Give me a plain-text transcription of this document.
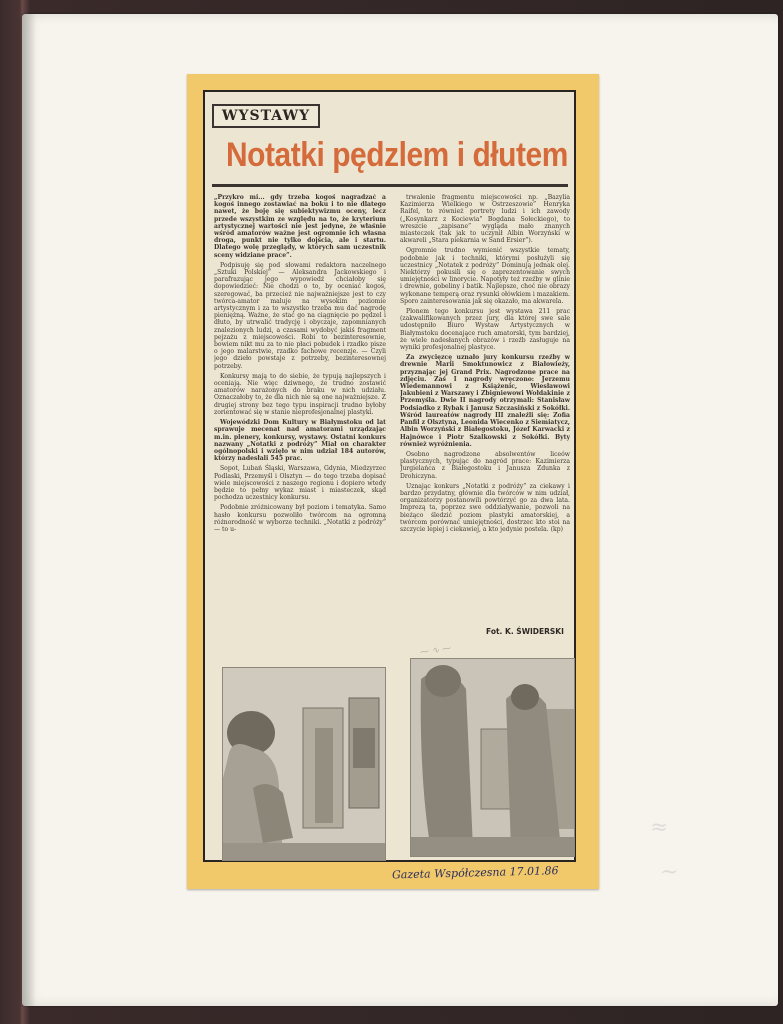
≈
~
WYSTAWY
Notatki pędzlem i dłutem

„Przykro mi... gdy trzeba kogoś nagradzać a kogoś innego zostawiać na boku i to nie dlatego nawet, że boję się subiektywizmu oceny, lecz przede wszystkim ze względu na to, że kryterium artystycznej wartości nie jest jedyne, że właśnie wśród amatorów ważne jest ogromnie ich własna droga, punkt nie tylko dojścia, ale i startu. Dlatego wolę przeglądy, w których sam uczestnik sceny widziane prace”.

Podpisuję się pod słowami redaktora naczelnego „Sztuki Polskiej” — Aleksandra Jackowskiego i parafrazując jego wypowiedź chciałoby się dopowiedzieć: Nie chodzi o to, by oceniać kogoś, szeregować, ba przecież nie najważniejsze jest to czy twórca-amator maluje na wysokim poziomie artystycznym i za to wszystko trzeba mu dać nagrodę pieniężną. Ważne, że stać go na ciągnięcie po pędzel i dłuto, by utrwalić tradycję i obyczaje, zapomnianych znalezionych ludzi, a czasami wydobyć jakiś fragment pejzażu z miejscowości. Robi to bezinteresownie, bowiem nikt mu za to nie płaci pobudek i rzadko pisze o jego malarstwie, rzadko fachowe recenzje. — Czyli jego dzieło powstaje z potrzeby, bezinteresownej potrzeby.

Konkursy mają to do siebie, że typują najlepszych i oceniają. Nie więc dziwnego, że trudno zostawić amatorów narażonych do braku w nich udziału. Oznaczałoby to, że dla nich nie są one najważniejsze. Z drugiej strony bez tego typu inspiracji trudno byłoby zorientować się w stanie nieprofesjonalnej plastyki.

Wojewódzki Dom Kultury w Białymstoku od lat sprawuje mecenat nad amatorami urządzając m.in. plenery, konkursy, wystawy. Ostatni konkurs nazwany „Notatki z podróży” Miał on charakter ogólnopolski i wzięło w nim udział 184 autorów, którzy nadesłali 545 prac.

Sopot, Lubań Śląski, Warszawa, Gdynia, Miedzyrzec Podlaski, Przemyśl i Olsztyn — do tego trzeba dopisać wiele miejscowości z naszego regionu i dopiero wtedy będzie to pełny wykaz miast i miasteczek, skąd pochodza uczestnicy konkursu.

Podobnie zróżnicowany był poziom i tematyka. Samo hasło konkursu pozwoliło twórcom na ogromną różnorodność w wyborze techniki. „Notatki z podróży” — to u-

trwalenie fragmentu miejscowości np. „Bazylia Kazimierza Wielkiego w Ostrzeszowie” Henryka Raifel, to również portrety ludzi i ich zawody („Kosynkarz z Kociewia” Bogdana Sołeckiego), to wreszcie „zapisane” wygląda mało znanych miasteczek (tak jak to uczynił Albin Worzyński w akwareli „Stara piekarnia w Sand Ersier”).

Ogromnie trudno wymienić wszystkie tematy, podobnie jak i techniki, którymi posłużyli się uczestnicy „Notatek z podróży” Dominują jednak olej. Niektórzy pokusili się o zaprezentowanie swych umiejętności w linorycie. Napotyły też rzeźby w glinie i drewnie, gobeliny i batik. Najlepsze, choć nie obrazy wykonane temperą oraz rysunki ołówkiem i mazakiem. Sporo zainteresowania jak się okazało, ma akwarela.

Plonem tego konkursu jest wystawa 211 prac (zakwalifikowanych przez jury, dla której swe sale udostępniło Biuro Wystaw Artystycznych w Białymstoku docenające ruch amatorski, tym bardziej, że wiele nadesłanych obrazów i rzeźb zasługuje na wyniki profesjonalnej plastyce.

Za zwycięzcę uznało jury konkursu rzeźby w drewnie Marii Smoktunowicz z Białowieży, przyznając jej Grand Prix. Nagrodzone prace na zdjęciu. Zaś I nagrody wręczono: Jerzemu Wiedemannowi z Książenic, Wiesławowi Jakubieni z Warszawy i Zbigniewowi Wołdakinie z Przemyśla. Dwie II nagrody otrzymali: Stanisław Podsiadko z Rybak i Janusz Szczasiński z Sokółki. Wśród laureatów nagrody III znaleźli się: Zofia Panfil z Olsztyna, Leonida Wiecenko z Siemiatycz, Albin Worzyński z Białegostoku, Józef Karwacki z Hajnówce i Piotr Szalkowski z Sokółki. Byty również wyróżnienia.

Osobno nagrodzone absolwentów liceów plastycznych, typując do nagród prace: Kazimierza Jurgielańca z Białegostoku i Janusza Zdunka z Drohiczyna.

Uznając konkurs „Notatki z podróży” za ciekawy i bardzo przydatny, głównie dla twórców w nim udział, organizatorzy postanowili powtórzyć go za dwa lata. Imprezą ta, poprzez swe oddziaływanie, pozwoli na bieżąco śledzić poziom plastyki amatorskiej, a twórcom porównać umiejętności, dostrzec kto stoi na szczycie lepiej i ciekawiej, a kto jedynie postela. (kp)

Fot. K. ŚWIDERSKI
⁓ ∿ ⁓
Gazeta Współczesna 17.01.86
